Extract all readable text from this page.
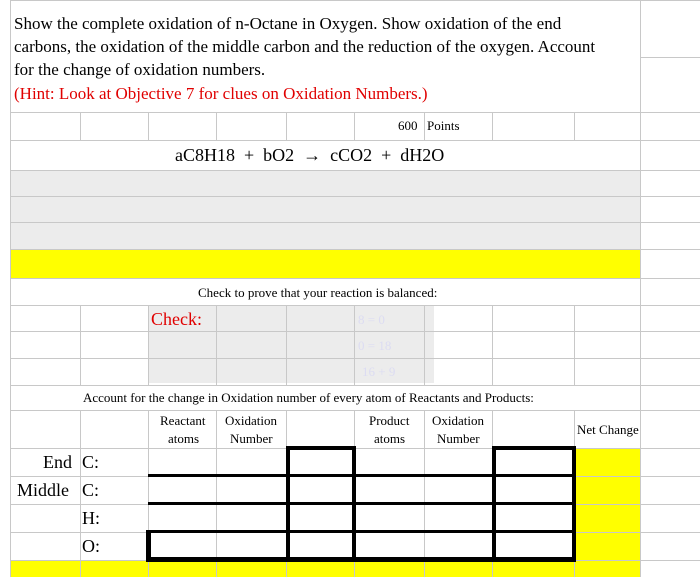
Show the complete oxidation of n-Octane in Oxygen. Show oxidation of the end
carbons, the oxidation of the middle carbon and the reduction of the oxygen. Account
for the change of oxidation numbers.
(Hint: Look at Objective 7 for clues on Oxidation Numbers.)
600 Points
aC8H18  +  bO2  →  cCO2  +  dH2O
Check to prove that your reaction is balanced:
Check:	8 = 0
0 = 18
16 + 9
Account for the change in Oxidation number of every atom of Reactants and Products:
Reactant
atoms
Oxidation
Number
Product
atoms
Oxidation
Number
Net Change
End C:
Middle C:
H:
O:
